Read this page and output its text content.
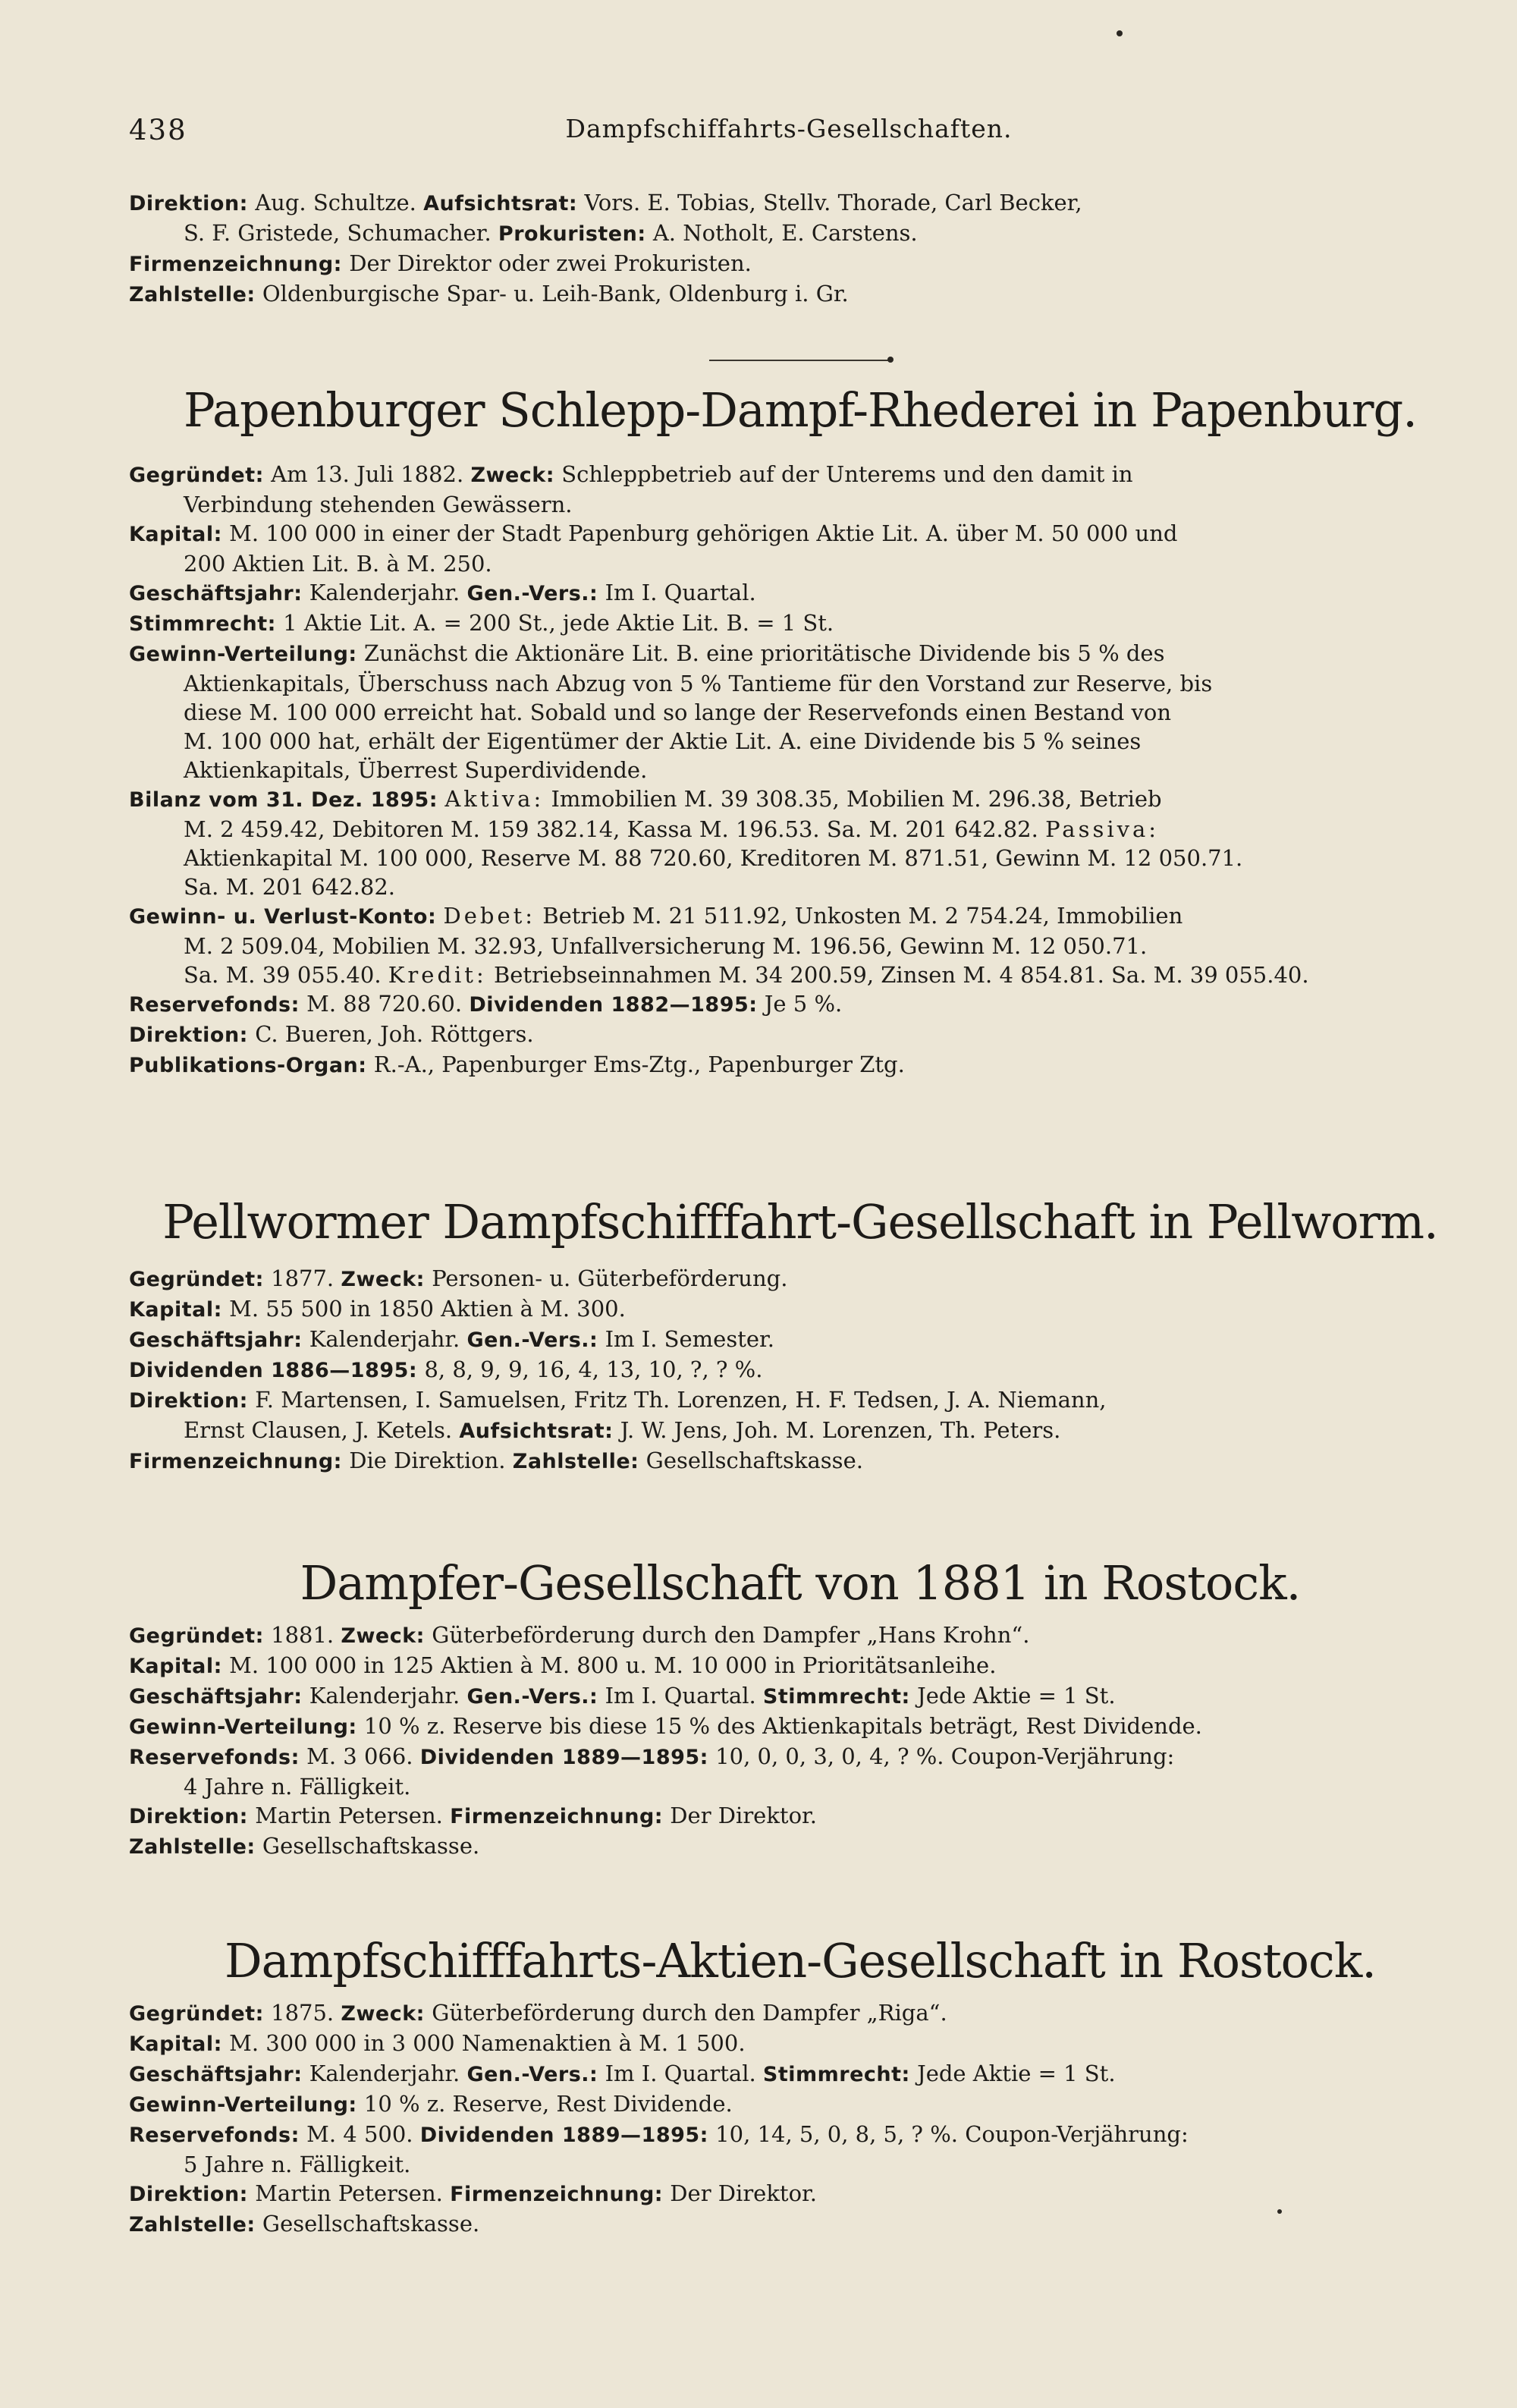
438	Dampfschiffahrts-Gesellschaften.

Direktion: Aug. Schultze. Aufsichtsrat: Vors. E. Tobias, Stellv. Thorade, Carl Becker,

S. F. Gristede, Schumacher. Prokuristen: A. Notholt, E. Carstens.

Firmenzeichnung: Der Direktor oder zwei Prokuristen.

Zahlstelle: Oldenburgische Spar- u. Leih-Bank, Oldenburg i. Gr.

Papenburger Schlepp-Dampf-Rhederei in Papenburg.

Gegründet: Am 13. Juli 1882. Zweck: Schleppbetrieb auf der Unterems und den damit in

Verbindung stehenden Gewässern.

Kapital: M. 100 000 in einer der Stadt Papenburg gehörigen Aktie Lit. A. über M. 50 000 und

200 Aktien Lit. B. à M. 250.

Geschäftsjahr: Kalenderjahr. Gen.-Vers.: Im I. Quartal.

Stimmrecht: 1 Aktie Lit. A. = 200 St., jede Aktie Lit. B. = 1 St.

Gewinn-Verteilung: Zunächst die Aktionäre Lit. B. eine prioritätische Dividende bis 5 % des

Aktienkapitals, Überschuss nach Abzug von 5 % Tantieme für den Vorstand zur Reserve, bis

diese M. 100 000 erreicht hat. Sobald und so lange der Reservefonds einen Bestand von

M. 100 000 hat, erhält der Eigentümer der Aktie Lit. A. eine Dividende bis 5 % seines

Aktienkapitals, Überrest Superdividende.

Bilanz vom 31. Dez. 1895: Aktiva: Immobilien M. 39 308.35, Mobilien M. 296.38, Betrieb

M. 2 459.42, Debitoren M. 159 382.14, Kassa M. 196.53. Sa. M. 201 642.82. Passiva:

Aktienkapital M. 100 000, Reserve M. 88 720.60, Kreditoren M. 871.51, Gewinn M. 12 050.71.

Sa. M. 201 642.82.

Gewinn- u. Verlust-Konto: Debet: Betrieb M. 21 511.92, Unkosten M. 2 754.24, Immobilien

M. 2 509.04, Mobilien M. 32.93, Unfallversicherung M. 196.56, Gewinn M. 12 050.71.

Sa. M. 39 055.40. Kredit: Betriebseinnahmen M. 34 200.59, Zinsen M. 4 854.81. Sa. M. 39 055.40.

Reservefonds: M. 88 720.60. Dividenden 1882—1895: Je 5 %.

Direktion: C. Bueren, Joh. Röttgers.

Publikations-Organ: R.-A., Papenburger Ems-Ztg., Papenburger Ztg.

Pellwormer Dampfschifffahrt-Gesellschaft in Pellworm.

Gegründet: 1877. Zweck: Personen- u. Güterbeförderung.

Kapital: M. 55 500 in 1850 Aktien à M. 300.

Geschäftsjahr: Kalenderjahr. Gen.-Vers.: Im I. Semester.

Dividenden 1886—1895: 8, 8, 9, 9, 16, 4, 13, 10, ?, ? %.

Direktion: F. Martensen, I. Samuelsen, Fritz Th. Lorenzen, H. F. Tedsen, J. A. Niemann,

Ernst Clausen, J. Ketels. Aufsichtsrat: J. W. Jens, Joh. M. Lorenzen, Th. Peters.

Firmenzeichnung: Die Direktion. Zahlstelle: Gesellschaftskasse.

Dampfer-Gesellschaft von 1881 in Rostock.

Gegründet: 1881. Zweck: Güterbeförderung durch den Dampfer „Hans Krohn“.

Kapital: M. 100 000 in 125 Aktien à M. 800 u. M. 10 000 in Prioritätsanleihe.

Geschäftsjahr: Kalenderjahr. Gen.-Vers.: Im I. Quartal. Stimmrecht: Jede Aktie = 1 St.

Gewinn-Verteilung: 10 % z. Reserve bis diese 15 % des Aktienkapitals beträgt, Rest Dividende.

Reservefonds: M. 3 066. Dividenden 1889—1895: 10, 0, 0, 3, 0, 4, ? %. Coupon-Verjährung:

4 Jahre n. Fälligkeit.

Direktion: Martin Petersen. Firmenzeichnung: Der Direktor.

Zahlstelle: Gesellschaftskasse.

Dampfschifffahrts-Aktien-Gesellschaft in Rostock.

Gegründet: 1875. Zweck: Güterbeförderung durch den Dampfer „Riga“.

Kapital: M. 300 000 in 3 000 Namenaktien à M. 1 500.

Geschäftsjahr: Kalenderjahr. Gen.-Vers.: Im I. Quartal. Stimmrecht: Jede Aktie = 1 St.

Gewinn-Verteilung: 10 % z. Reserve, Rest Dividende.

Reservefonds: M. 4 500. Dividenden 1889—1895: 10, 14, 5, 0, 8, 5, ? %. Coupon-Verjährung:

5 Jahre n. Fälligkeit.

Direktion: Martin Petersen. Firmenzeichnung: Der Direktor.

Zahlstelle: Gesellschaftskasse.
